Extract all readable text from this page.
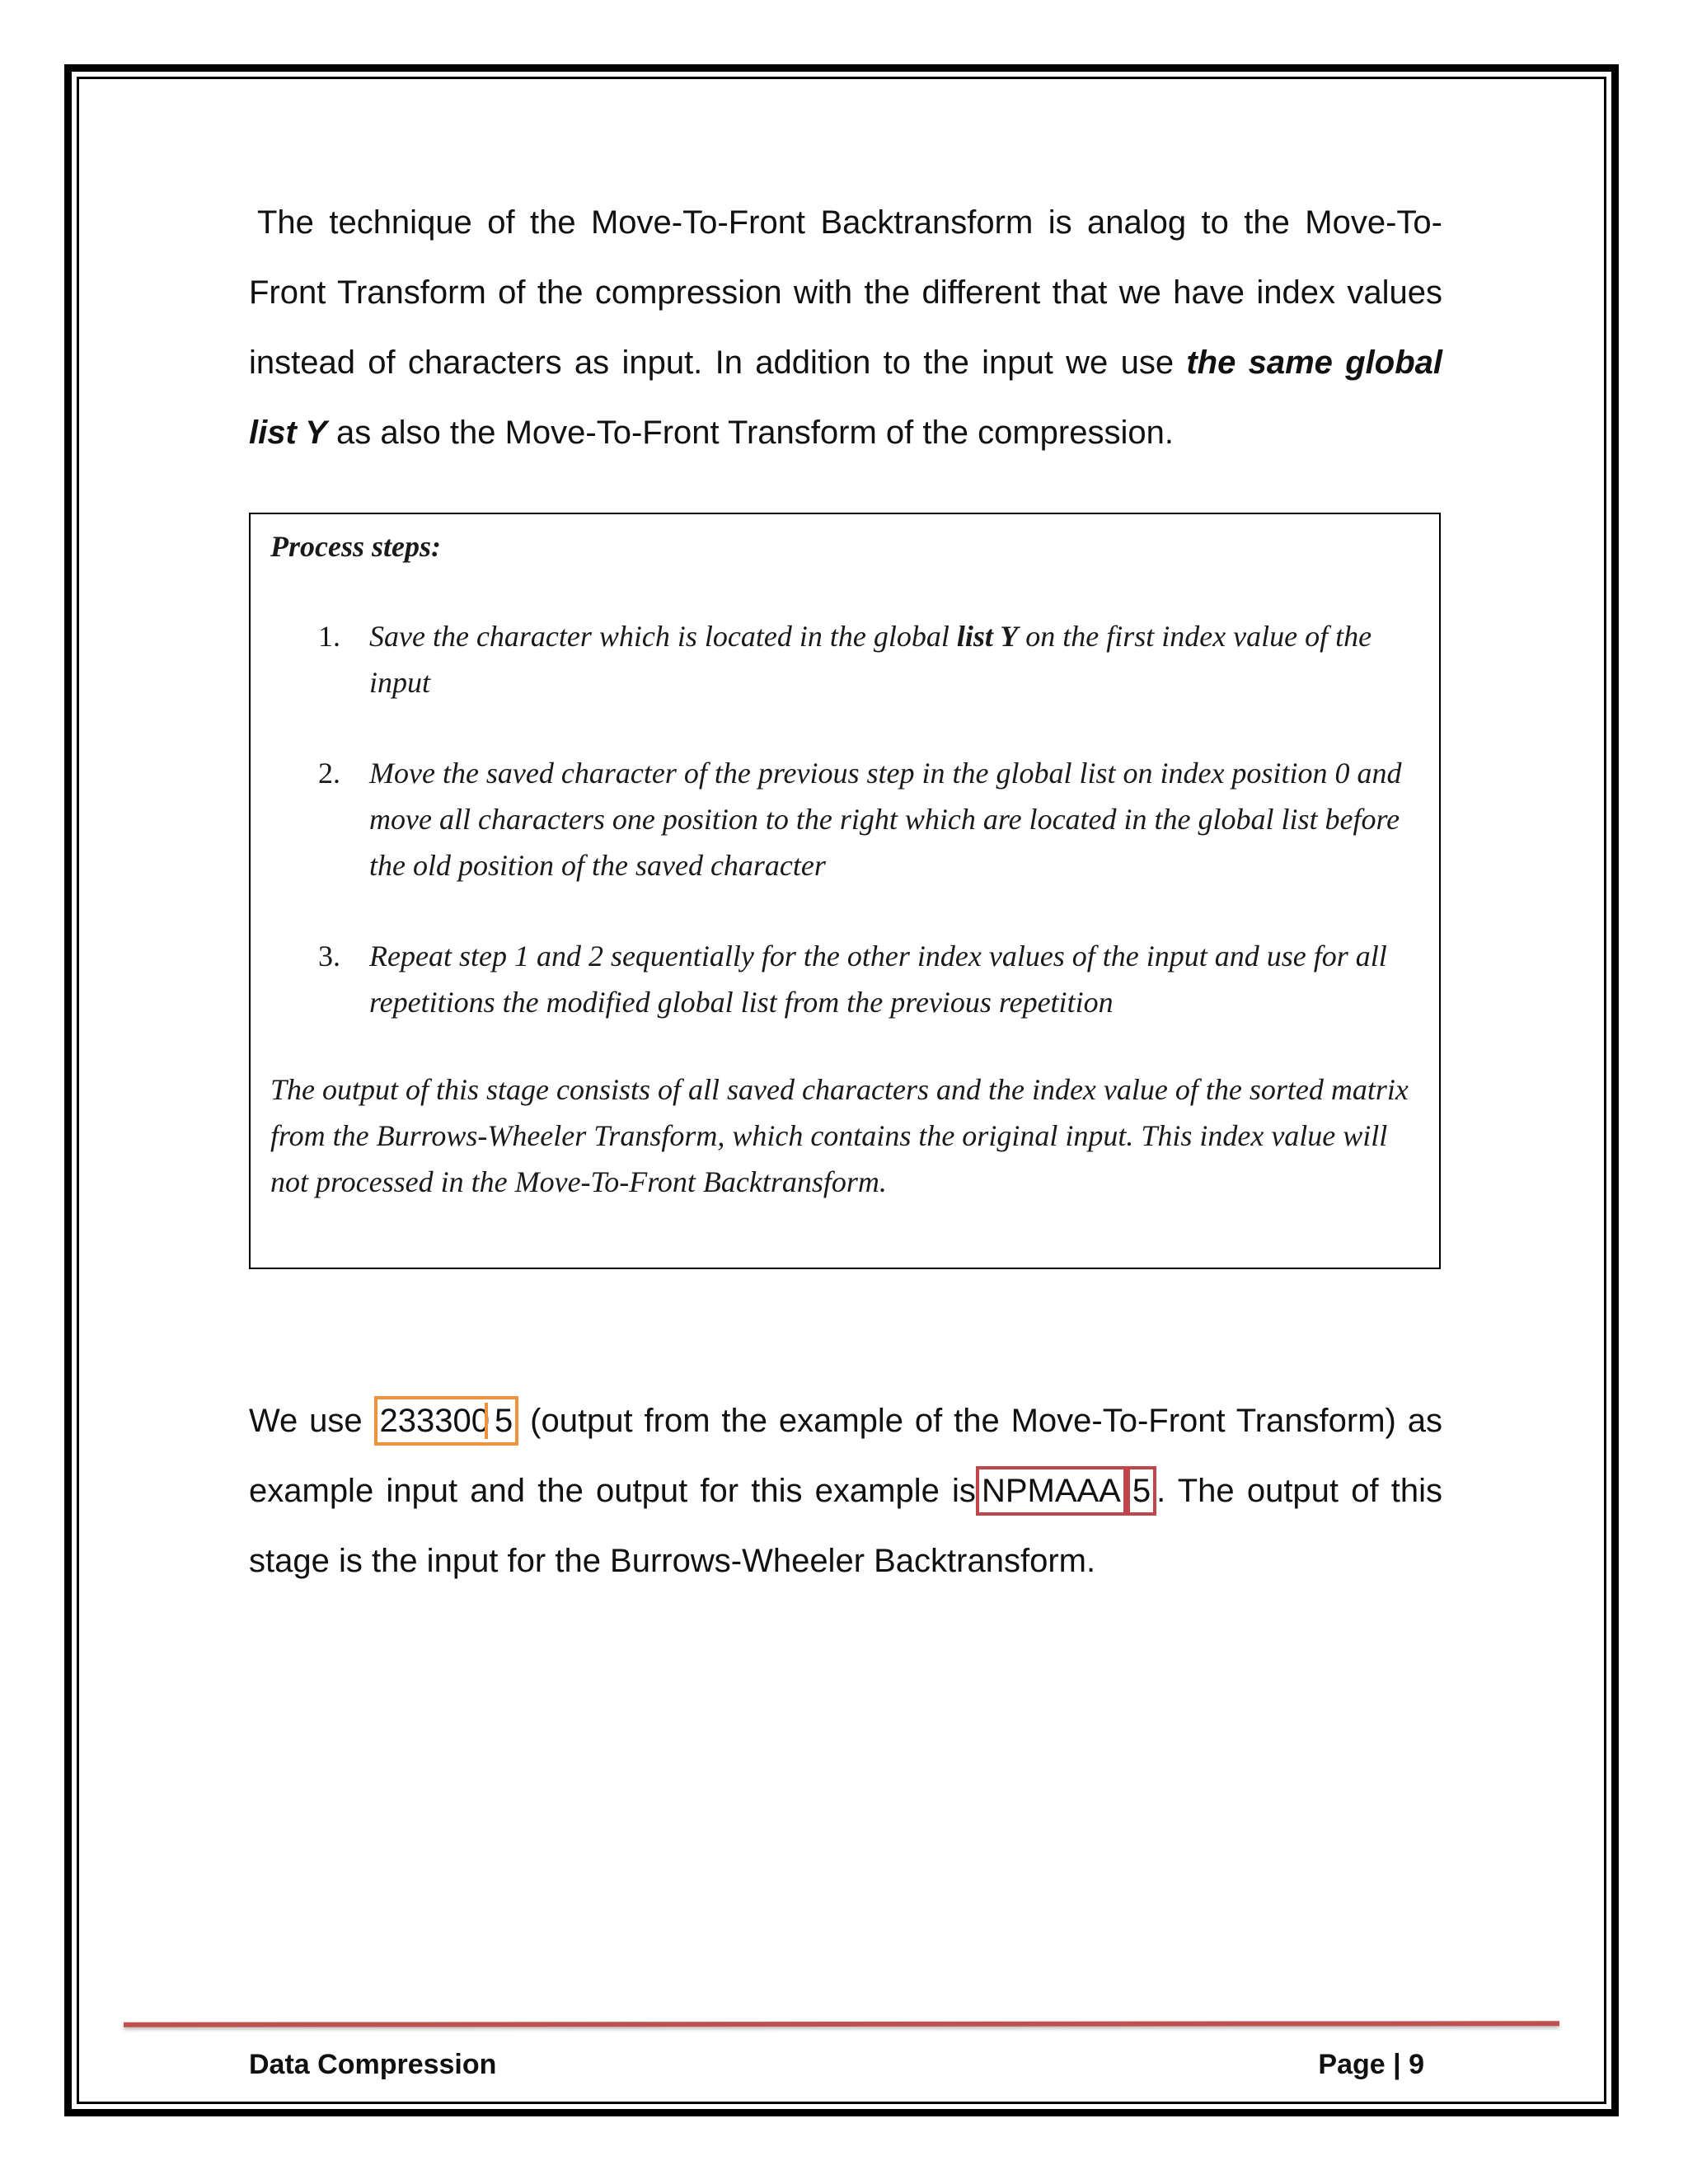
The technique of the Move-To-Front Backtransform is analog to the Move-To-Front Transform of the compression with the different that we have index values instead of characters as input. In addition to the input we use the same global list Y as also the Move-To-Front Transform of the compression.

Process steps:

1. Save the character which is located in the global list Y on the first index value of the input
2. Move the saved character of the previous step in the global list on index position 0 and move all characters one position to the right which are located in the global list before the old position of the saved character
3. Repeat step 1 and 2 sequentially for the other index values of the input and use for all repetitions the modified global list from the previous repetition

The output of this stage consists of all saved characters and the index value of the sorted matrix from the Burrows-Wheeler Transform, which contains the original input. This index value will not processed in the Move-To-Front Backtransform.

We use 233300 5 (output from the example of the Move-To-Front Transform) as example input and the output for this example is NPMAAA 5 . The output of this stage is the input for the Burrows-Wheeler Backtransform.

Data Compression	Page | 9
